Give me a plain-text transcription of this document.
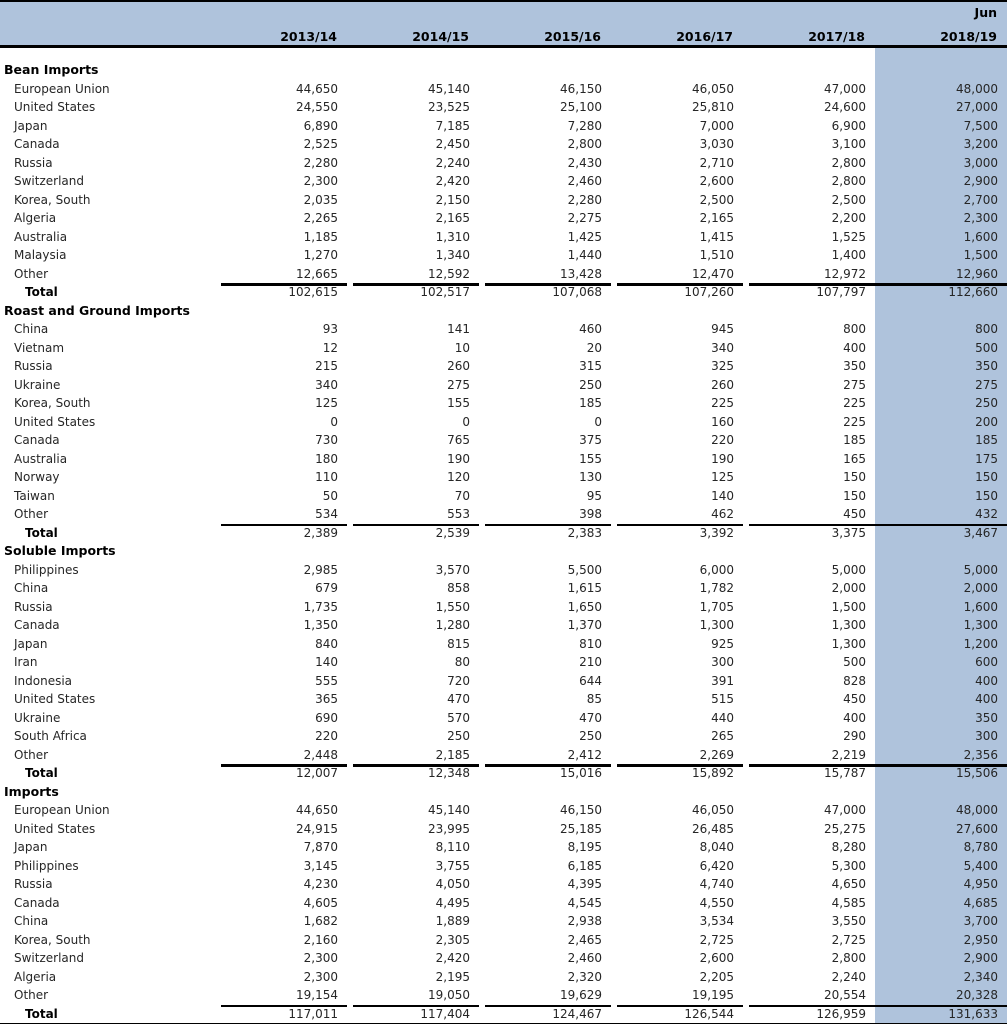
						Jun
	2013/14	2014/15	2015/16	2016/17	2017/18	2018/19

Bean Imports						
European Union	44,650	45,140	46,150	46,050	47,000	48,000
United States	24,550	23,525	25,100	25,810	24,600	27,000
Japan	6,890	7,185	7,280	7,000	6,900	7,500
Canada	2,525	2,450	2,800	3,030	3,100	3,200
Russia	2,280	2,240	2,430	2,710	2,800	3,000
Switzerland	2,300	2,420	2,460	2,600	2,800	2,900
Korea, South	2,035	2,150	2,280	2,500	2,500	2,700
Algeria	2,265	2,165	2,275	2,165	2,200	2,300
Australia	1,185	1,310	1,425	1,415	1,525	1,600
Malaysia	1,270	1,340	1,440	1,510	1,400	1,500
Other	12,665	12,592	13,428	12,470	12,972	12,960
Total	102,615	102,517	107,068	107,260	107,797	112,660
Roast and Ground Imports						
China	93	141	460	945	800	800
Vietnam	12	10	20	340	400	500
Russia	215	260	315	325	350	350
Ukraine	340	275	250	260	275	275
Korea, South	125	155	185	225	225	250
United States	0	0	0	160	225	200
Canada	730	765	375	220	185	185
Australia	180	190	155	190	165	175
Norway	110	120	130	125	150	150
Taiwan	50	70	95	140	150	150
Other	534	553	398	462	450	432
Total	2,389	2,539	2,383	3,392	3,375	3,467
Soluble Imports						
Philippines	2,985	3,570	5,500	6,000	5,000	5,000
China	679	858	1,615	1,782	2,000	2,000
Russia	1,735	1,550	1,650	1,705	1,500	1,600
Canada	1,350	1,280	1,370	1,300	1,300	1,300
Japan	840	815	810	925	1,300	1,200
Iran	140	80	210	300	500	600
Indonesia	555	720	644	391	828	400
United States	365	470	85	515	450	400
Ukraine	690	570	470	440	400	350
South Africa	220	250	250	265	290	300
Other	2,448	2,185	2,412	2,269	2,219	2,356
Total	12,007	12,348	15,016	15,892	15,787	15,506
Imports						
European Union	44,650	45,140	46,150	46,050	47,000	48,000
United States	24,915	23,995	25,185	26,485	25,275	27,600
Japan	7,870	8,110	8,195	8,040	8,280	8,780
Philippines	3,145	3,755	6,185	6,420	5,300	5,400
Russia	4,230	4,050	4,395	4,740	4,650	4,950
Canada	4,605	4,495	4,545	4,550	4,585	4,685
China	1,682	1,889	2,938	3,534	3,550	3,700
Korea, South	2,160	2,305	2,465	2,725	2,725	2,950
Switzerland	2,300	2,420	2,460	2,600	2,800	2,900
Algeria	2,300	2,195	2,320	2,205	2,240	2,340
Other	19,154	19,050	19,629	19,195	20,554	20,328
Total	117,011	117,404	124,467	126,544	126,959	131,633
